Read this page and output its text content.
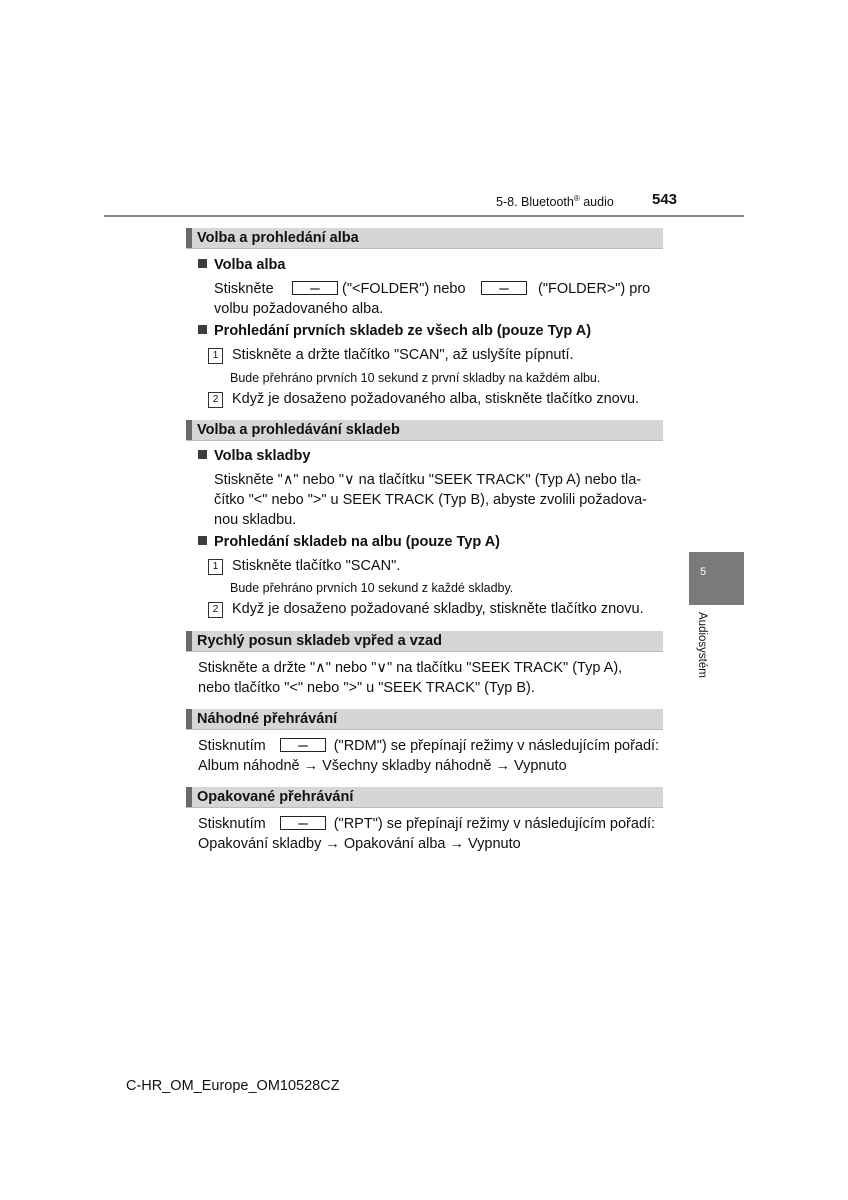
5-8. Bluetooth® audio	543
5
Audiosystém
Volba a prohledání alba
Volba alba
Stiskněte	("<FOLDER") nebo	("FOLDER>") pro
volbu požadovaného alba.
Prohledání prvních skladeb ze všech alb (pouze Typ A)
1 Stiskněte a držte tlačítko "SCAN", až uslyšíte pípnutí.
Bude přehráno prvních 10 sekund z první skladby na každém albu.
2 Když je dosaženo požadovaného alba, stiskněte tlačítko znovu.
Volba a prohledávání skladeb
Volba skladby
Stiskněte "∧" nebo "∨ na tlačítku "SEEK TRACK" (Typ A) nebo tla-
čítko "<" nebo ">" u SEEK TRACK (Typ B), abyste zvolili požadova-
nou skladbu.
Prohledání skladeb na albu (pouze Typ A)
1 Stiskněte tlačítko "SCAN".
Bude přehráno prvních 10 sekund z každé skladby.
2 Když je dosaženo požadované skladby, stiskněte tlačítko znovu.
Rychlý posun skladeb vpřed a vzad
Stiskněte a držte "∧" nebo "∨" na tlačítku "SEEK TRACK" (Typ A),
nebo tlačítko "<" nebo ">" u "SEEK TRACK" (Typ B).
Náhodné přehrávání
Stisknutím	("RDM") se přepínají režimy v následujícím pořadí:
Album náhodně → Všechny skladby náhodně → Vypnuto
Opakované přehrávání
Stisknutím	("RPT") se přepínají režimy v následujícím pořadí:
Opakování skladby → Opakování alba → Vypnuto
C-HR_OM_Europe_OM10528CZ
